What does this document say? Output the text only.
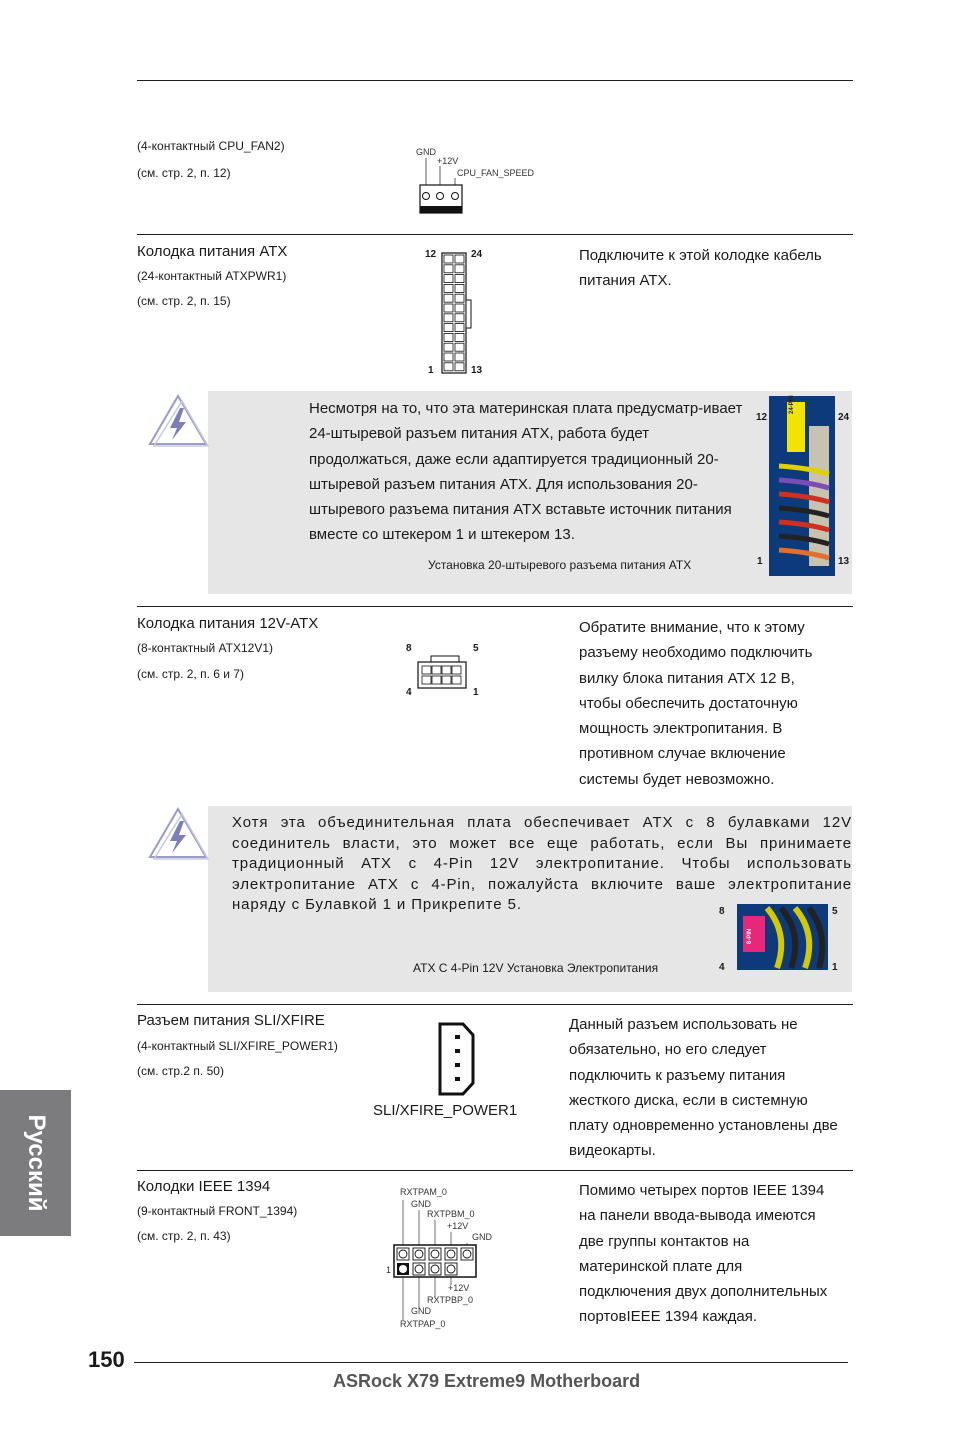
(4-контактный CPU_FAN2)
(см. стр. 2, п. 12)
GND
+12V
CPU_FAN_SPEED
Колодка питания ATX
(24-контактный ATXPWR1)
(см. стр. 2, п. 15)
Подключите к этой колодке кабель питания ATX.
12	24
1	13
Несмотря на то, что эта материнская плата предусматр-ивает 24-штыревой разъем питания ATX, работа будет продолжаться, даже если адаптируется традиционный 20-штыревой разъем питания ATX. Для использования 20-штыревого разъема питания ATX вставьте источник питания вместе со штекером 1 и штекером 13.
Установка 20-штыревого разъема питания ATX
12	24
1	13
24-PIN
Колодка питания 12V-ATX
(8-контактный ATX12V1)
(см. стр. 2, п. 6 и 7)
Обратите внимание, что к этому разъему необходимо подключить вилку блока питания ATX 12 В, чтобы обеспечить достаточную мощность электропитания. В противном случае включение системы будет невозможно.
8	5
4	1
Хотя эта объединительная плата обеспечивает ATX с 8 булавками 12V соединитель власти, это может все еще работать, если Вы принимаете традиционный ATX с 4-Pin 12V электропитание. Чтобы использовать электропитание ATX с 4-Pin, пожалуйста включите ваше электропитание наряду с Булавкой 1 и Прикрепите 5.
ATX С 4-Pin 12V Установка Электропитания
8	5
4	1
8-PIN
Разъем питания SLI/XFIRE
(4-контактный SLI/XFIRE_POWER1)
(см. стр.2 п. 50)
Данный разъем использовать не обязательно, но его следует подключить к разъему питания жесткого диска, если в системную плату одновременно установлены две видеокарты.
SLI/XFIRE_POWER1
Колодки IEEE 1394
(9-контактный FRONT_1394)
(см. стр. 2, п. 43)
Помимо четырех портов IEEE 1394 на панели ввода-вывода имеются две группы контактов на материнской плате для подключения двух дополнительных портовIEEE 1394 каждая.
RXTPAM_0
GND
RXTPBM_0
+12V
GND
1
+12V
RXTPBP_0
GND
RXTPAP_0
150
ASRock X79 Extreme9 Motherboard
Русский
